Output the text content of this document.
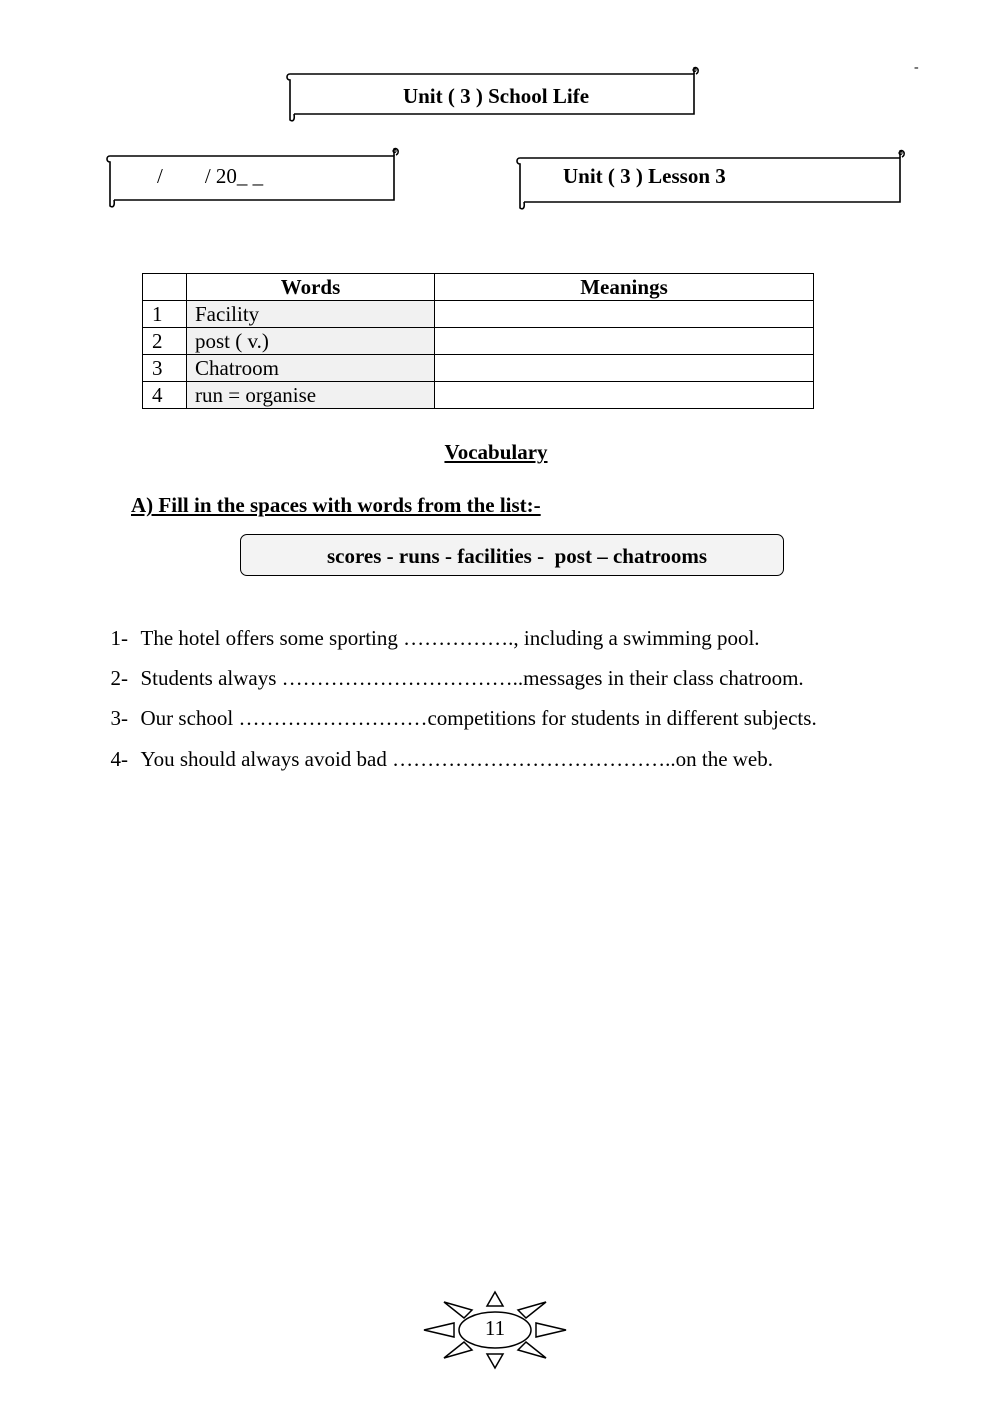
-
Unit ( 3 ) School Life
/        / 20_ _	Unit ( 3 ) Lesson 3
	Words	Meanings
1	Facility	
2	post ( v.)	
3	Chatroom	
4	run = organise	
Vocabulary
A) Fill in the spaces with words from the list:-
scores - runs - facilities -  post – chatrooms

1- The hotel offers some sporting ……………., including a swimming pool.

2- Students always ……………………………..messages in their class chatroom.

3- Our school ………………………competitions for students in different subjects.

4- You should always avoid bad …………………………………..on the web.

11
